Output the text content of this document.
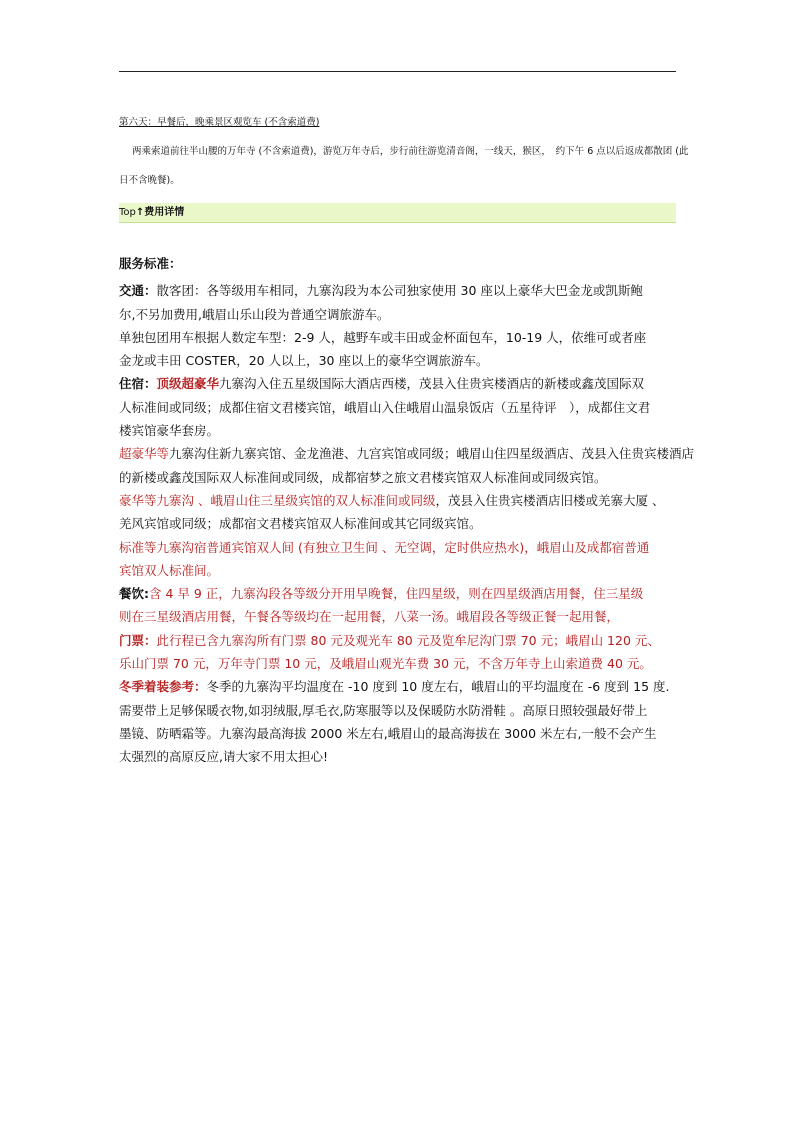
第六天：早餐后，晚乘景区观览车 (不含索道费)
两乘索道前往半山腰的万年寺 (不含索道费)，游览万年寺后，步行前往游览清音阁，一线天，猴区，　约下午 6 点以后返成都散团 (此
日不含晚餐)。
Top↑费用详情
服务标准：
交通：散客团：各等级用车相同，九寨沟段为本公司独家使用 30 座以上豪华大巴金龙或凯斯鲍
尔,不另加费用,峨眉山乐山段为普通空调旅游车。
单独包团用车根据人数定车型：2-9 人，越野车或丰田或金杯面包车，10-19 人，依维可或者座
金龙或丰田 COSTER，20 人以上，30 座以上的豪华空调旅游车。
住宿：顶级超豪华九寨沟入住五星级国际大酒店西楼，茂县入住贵宾楼酒店的新楼或鑫茂国际双
人标准间或同级；成都住宿文君楼宾馆，峨眉山入住峨眉山温泉饭店（五星待评　），成都住文君
楼宾馆豪华套房。
超豪华等九寨沟住新九寨宾馆、金龙渔港、九宫宾馆或同级；峨眉山住四星级酒店、茂县入住贵宾楼酒店
的新楼或鑫茂国际双人标准间或同级，成都宿梦之旅文君楼宾馆双人标准间或同级宾馆。
豪华等九寨沟 、峨眉山住三星级宾馆的双人标准间或同级，茂县入住贵宾楼酒店旧楼或羌寨大厦 、
羌风宾馆或同级；成都宿文君楼宾馆双人标准间或其它同级宾馆。
标准等九寨沟宿普通宾馆双人间 (有独立卫生间 、无空调，定时供应热水)，峨眉山及成都宿普通
宾馆双人标准间。
餐饮:含 4 早 9 正，九寨沟段各等级分开用早晚餐，住四星级，则在四星级酒店用餐，住三星级
则在三星级酒店用餐，午餐各等级均在一起用餐，八菜一汤。峨眉段各等级正餐一起用餐，
门票：此行程已含九寨沟所有门票 80 元及观光车 80 元及览牟尼沟门票 70 元；峨眉山 120 元、
乐山门票 70 元，万年寺门票 10 元，及峨眉山观光车费 30 元，不含万年寺上山索道费 40 元。
冬季着装参考：冬季的九寨沟平均温度在 -10 度到 10 度左右，峨眉山的平均温度在 -6 度到 15 度.
需要带上足够保暖衣物,如羽绒服,厚毛衣,防寒服等以及保暖防水防滑鞋 。高原日照较强最好带上
墨镜、防晒霜等。九寨沟最高海拔 2000 米左右,峨眉山的最高海拔在 3000 米左右,一般不会产生
太强烈的高原反应,请大家不用太担心!
